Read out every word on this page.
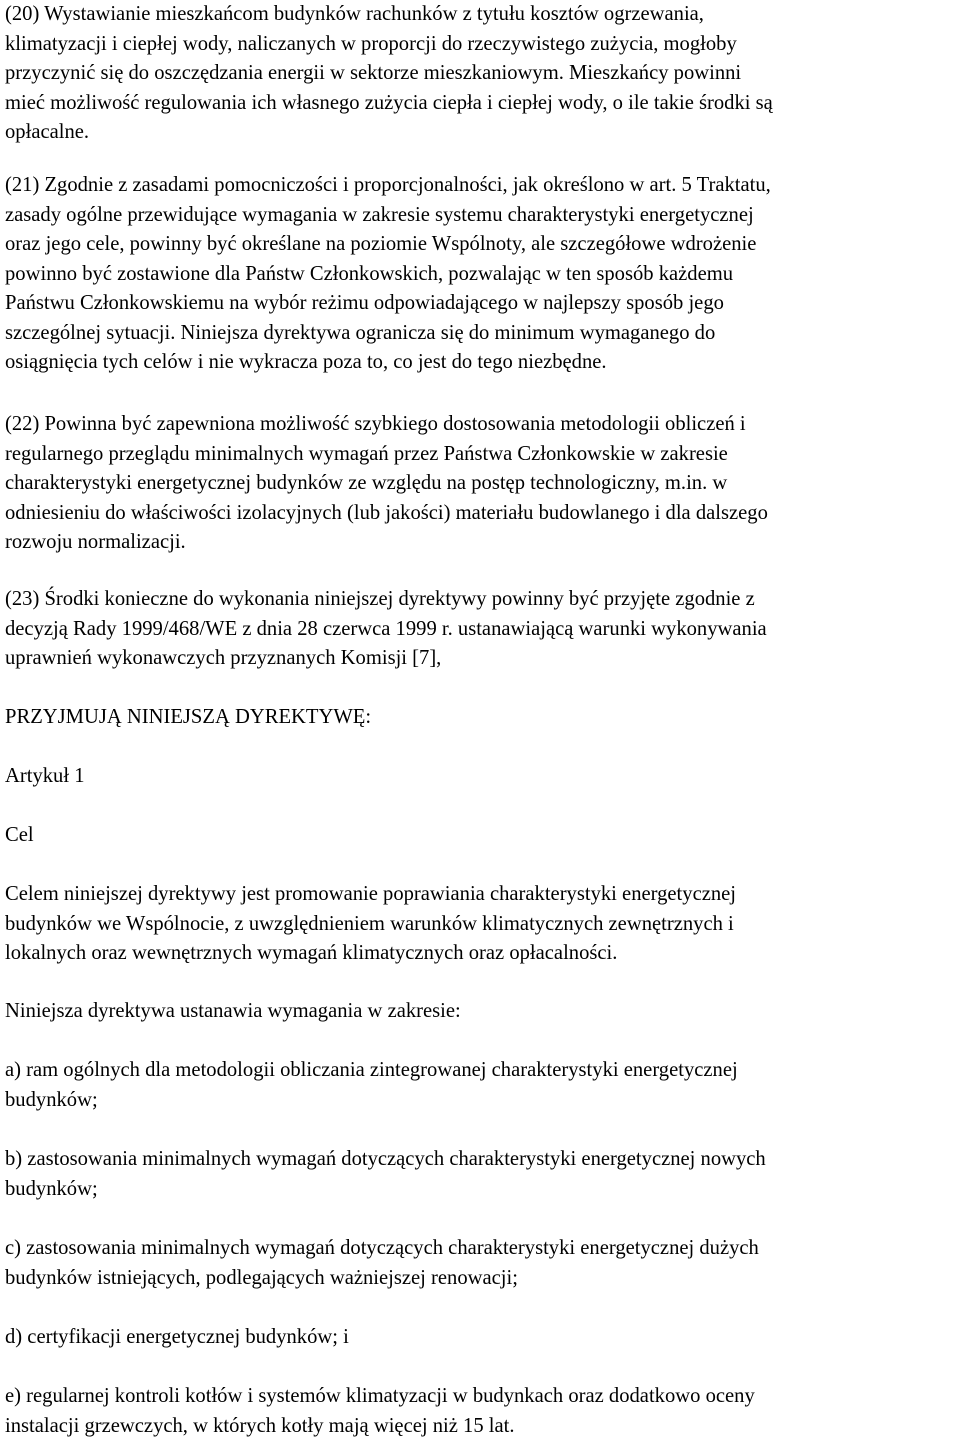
(20) Wystawianie mieszkańcom budynków rachunków z tytułu kosztów ogrzewania,
klimatyzacji i ciepłej wody, naliczanych w proporcji do rzeczywistego zużycia, mogłoby
przyczynić się do oszczędzania energii w sektorze mieszkaniowym. Mieszkańcy powinni
mieć możliwość regulowania ich własnego zużycia ciepła i ciepłej wody, o ile takie środki są
opłacalne.
(21) Zgodnie z zasadami pomocniczości i proporcjonalności, jak określono w art. 5 Traktatu,
zasady ogólne przewidujące wymagania w zakresie systemu charakterystyki energetycznej
oraz jego cele, powinny być określane na poziomie Wspólnoty, ale szczegółowe wdrożenie
powinno być zostawione dla Państw Członkowskich, pozwalając w ten sposób każdemu
Państwu Członkowskiemu na wybór reżimu odpowiadającego w najlepszy sposób jego
szczególnej sytuacji. Niniejsza dyrektywa ogranicza się do minimum wymaganego do
osiągnięcia tych celów i nie wykracza poza to, co jest do tego niezbędne.
(22) Powinna być zapewniona możliwość szybkiego dostosowania metodologii obliczeń i
regularnego przeglądu minimalnych wymagań przez Państwa Członkowskie w zakresie
charakterystyki energetycznej budynków ze względu na postęp technologiczny, m.in. w
odniesieniu do właściwości izolacyjnych (lub jakości) materiału budowlanego i dla dalszego
rozwoju normalizacji.
(23) Środki konieczne do wykonania niniejszej dyrektywy powinny być przyjęte zgodnie z
decyzją Rady 1999/468/WE z dnia 28 czerwca 1999 r. ustanawiającą warunki wykonywania
uprawnień wykonawczych przyznanych Komisji [7],
PRZYJMUJĄ NINIEJSZĄ DYREKTYWĘ:
Artykuł 1
Cel
Celem niniejszej dyrektywy jest promowanie poprawiania charakterystyki energetycznej
budynków we Wspólnocie, z uwzględnieniem warunków klimatycznych zewnętrznych i
lokalnych oraz wewnętrznych wymagań klimatycznych oraz opłacalności.
Niniejsza dyrektywa ustanawia wymagania w zakresie:
a) ram ogólnych dla metodologii obliczania zintegrowanej charakterystyki energetycznej
budynków;
b) zastosowania minimalnych wymagań dotyczących charakterystyki energetycznej nowych
budynków;
c) zastosowania minimalnych wymagań dotyczących charakterystyki energetycznej dużych
budynków istniejących, podlegających ważniejszej renowacji;
d) certyfikacji energetycznej budynków; i
e) regularnej kontroli kotłów i systemów klimatyzacji w budynkach oraz dodatkowo oceny
instalacji grzewczych, w których kotły mają więcej niż 15 lat.
